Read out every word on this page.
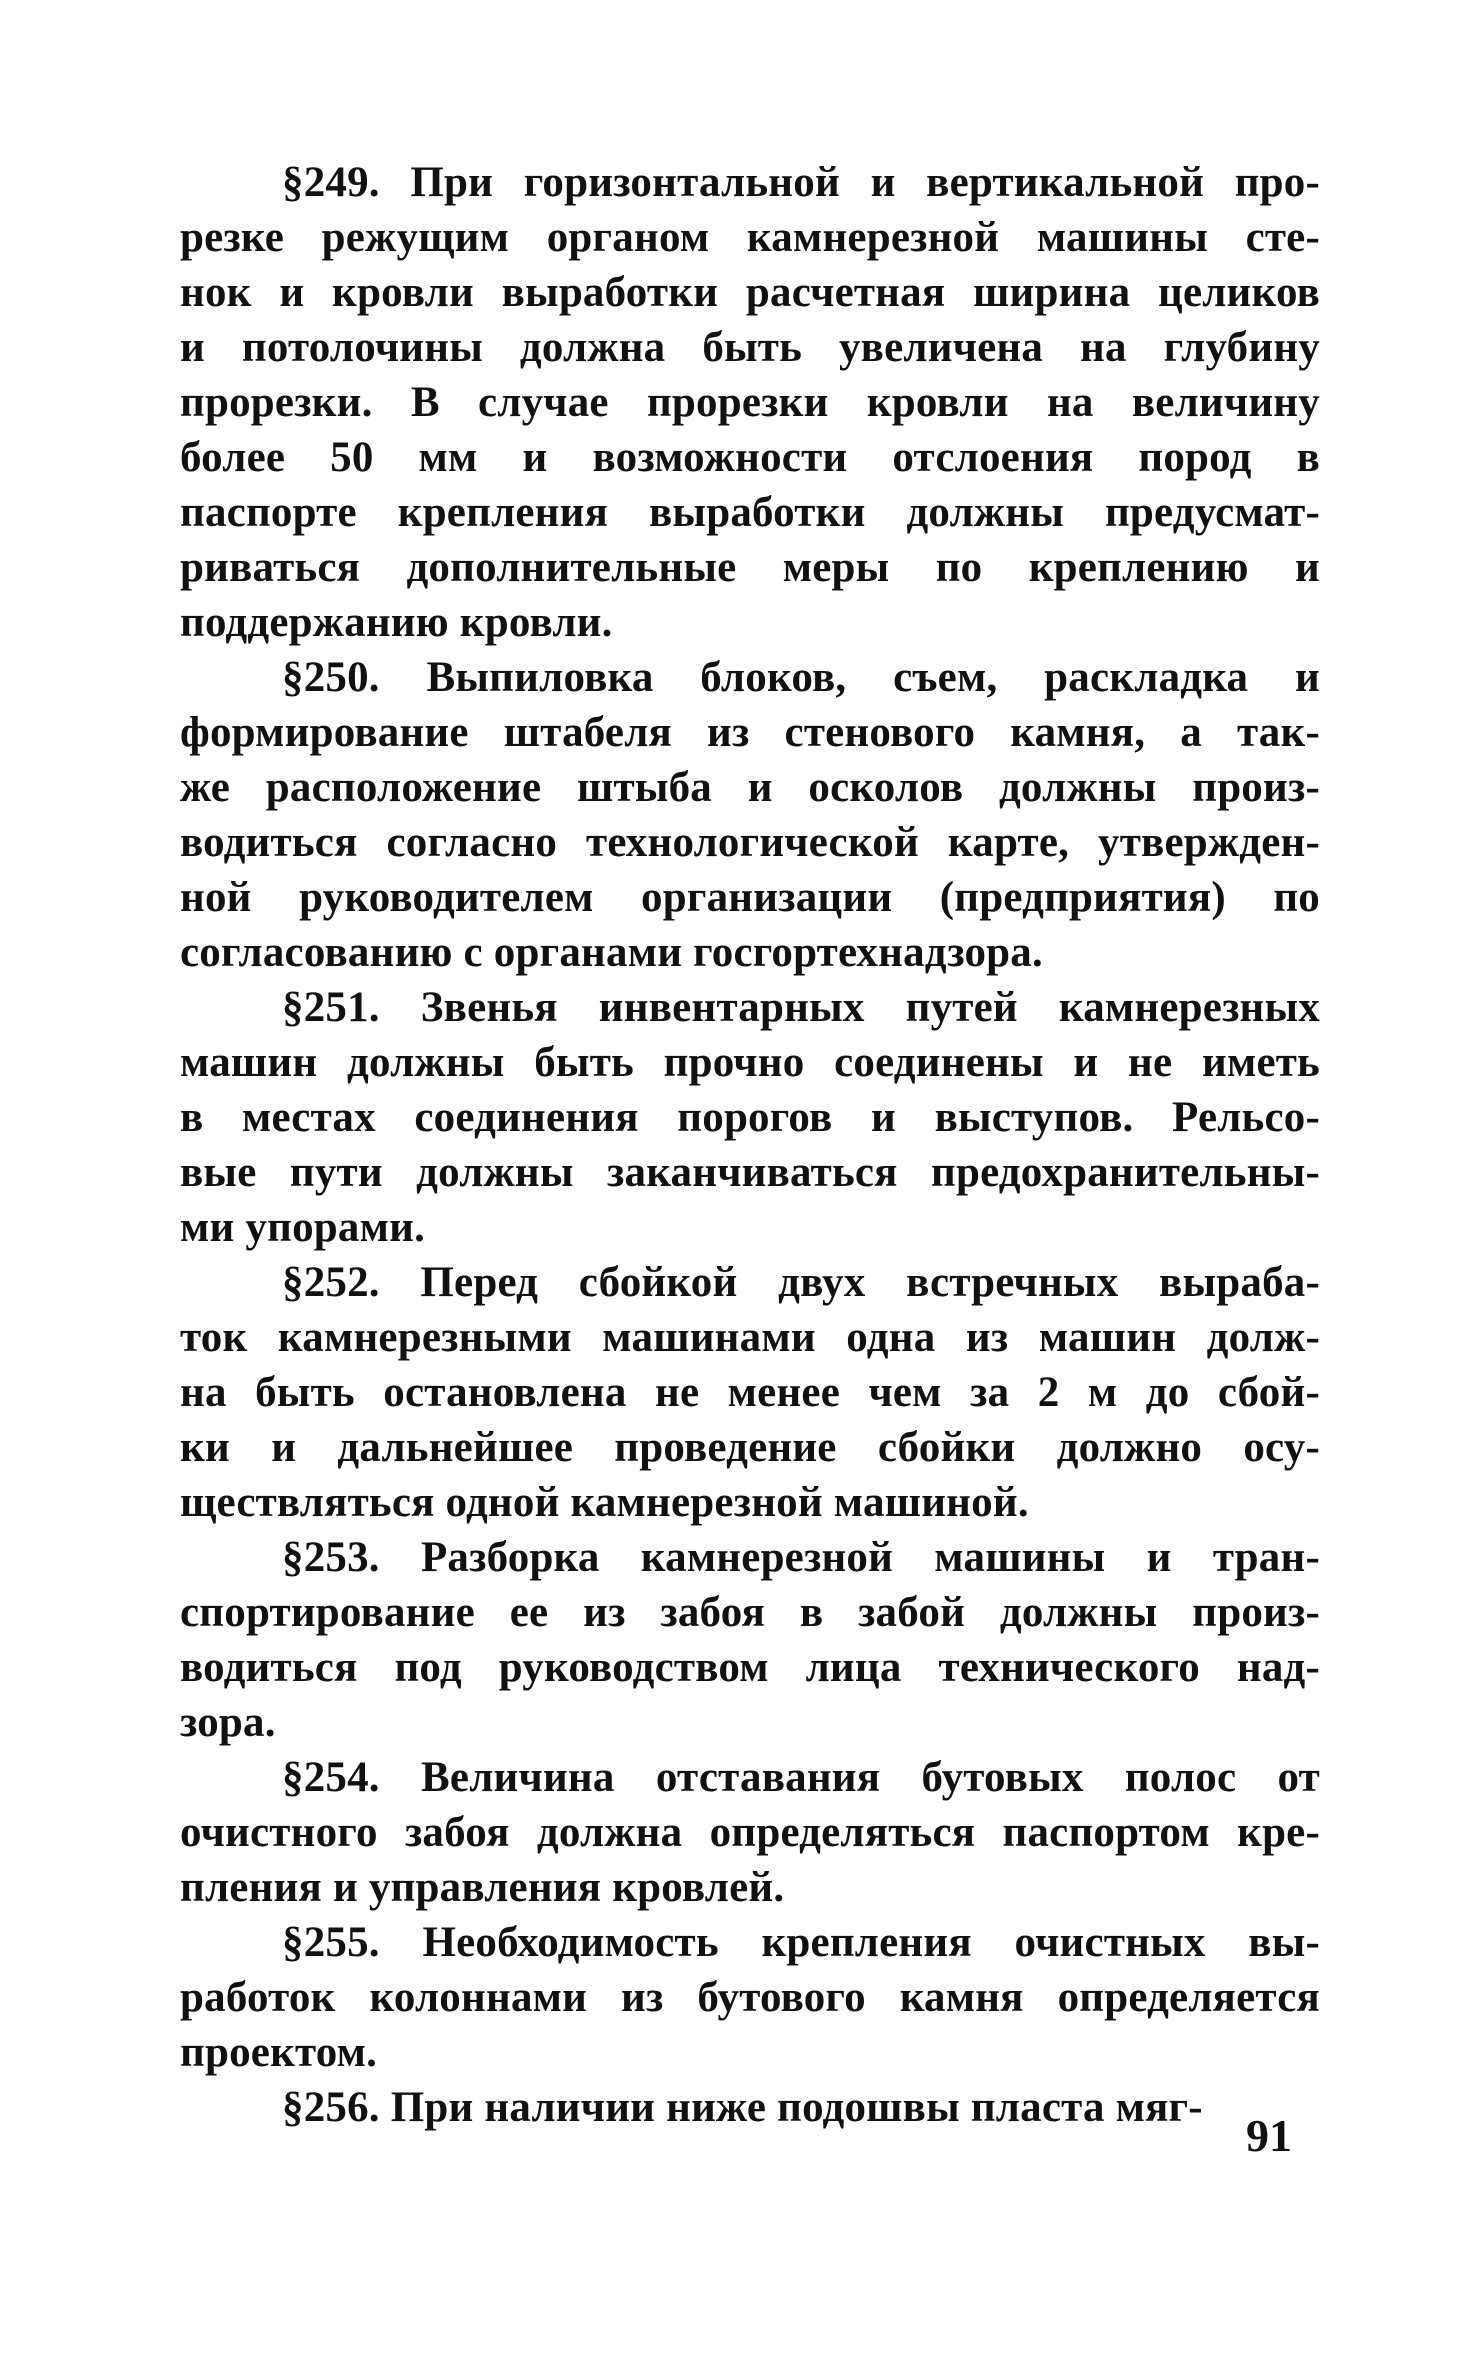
§249. При горизонтальной и вертикальной про-
резке режущим органом камнерезной машины сте-
нок и кровли выработки расчетная ширина целиков
и потолочины должна быть увеличена на глубину
прорезки. В случае прорезки кровли на величину
более 50 мм и возможности отслоения пород в
паспорте крепления выработки должны предусмат-
риваться дополнительные меры по креплению и
поддержанию кровли.
§250. Выпиловка блоков, съем, раскладка и
формирование штабеля из стенового камня, а так-
же расположение штыба и осколов должны произ-
водиться согласно технологической карте, утвержден-
ной руководителем организации (предприятия) по
согласованию с органами госгортехнадзора.
§251. Звенья инвентарных путей камнерезных
машин должны быть прочно соединены и не иметь
в местах соединения порогов и выступов. Рельсо-
вые пути должны заканчиваться предохранительны-
ми упорами.
§252. Перед сбойкой двух встречных выраба-
ток камнерезными машинами одна из машин долж-
на быть остановлена не менее чем за 2 м до сбой-
ки и дальнейшее проведение сбойки должно осу-
ществляться одной камнерезной машиной.
§253. Разборка камнерезной машины и тран-
спортирование ее из забоя в забой должны произ-
водиться под руководством лица технического над-
зора.
§254. Величина отставания бутовых полос от
очистного забоя должна определяться паспортом кре-
пления и управления кровлей.
§255. Необходимость крепления очистных вы-
работок колоннами из бутового камня определяется
проектом.
§256. При наличии ниже подошвы пласта мяг-
91
